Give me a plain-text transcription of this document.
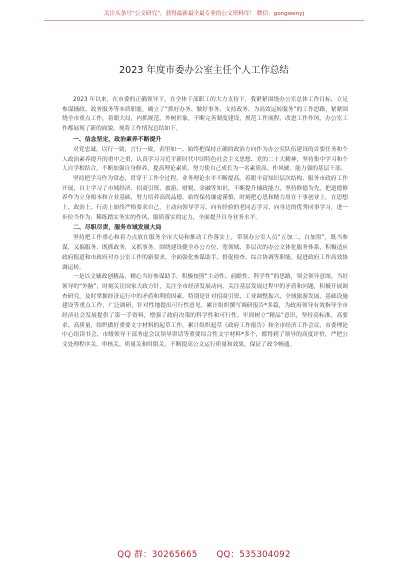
关注头条号“公文研究”，获得最新最全最专业的公文资料库！ 微信：gongwenyj
2023 年度市委办公室主任个人工作总结

2023 年以来，在市委的正确领导下，在全体干部职工的大力支持下，我紧紧围绕办公室总体工作目标，立足参谋辅政、政务服务等本质职能，确立了“抓好办务、做好事务、支持政务、为高效运转服务”的工作思路，紧紧围绕全市重点工作，着眼大局，内抓规范，外树形象，不断完善制度建设，规范工作流程，改进工作作风，办公室工作都展现了新的面貌。现将工作情况总结如下。

一、信念坚定，政治素养不断提升

对党忠诚，以行一致，言行一致，表里如一。始终把保持正确的政治方向作为办公室队伍建设的首要任务和个人政治素养提升的重中之重，认真学习习近平新时代中国特色社会主义思想、党的二十大精神，坚持集中学习和个人自学相结合，不断加强自身修养，提高理论素质，努力使自己成长为一名素质高、作风硬、能力强的基层干部。

坚持把学习作为常态，贯穿于工作全过程，业务理论水平不断提高。着眼丰富知识层次结构、服务市政府工作开展，自主学习了市域经济、招商引资、旅游、财税、金融等知识，不断提升辅政能力，坚持修德为先，把道德修养作为立身根本和立业基础，努力培养高尚品德，始终保持谦虚谨慎，时刻把心思和精力用在干事创业上。在思想上、政治上、行动上始终严格要求自己，主动向领导学习、向有经验的老同志学习、向身边的优秀同事学习，进一步拉当作为，稀练踏实务实的作风，服质落实的定力，全面提升自身业务水平。

二、尽职尽责，服务市域发展大局

坚持把工作重心和着力点放在服务全市大局和推动工作落实上，带领办公室人员“五加二、白加黑”，既当参谋，又搞服务，既抓政务，又抓事务。围绕建设健全办公方位、宽领域、多层次的办公文体化服务体系，积极适应政府报道和市政府对办公室工作的新要求，全面强化参谋助手、督促检查、综合协调等职能，促进政府工作高效协调运转。

一是以文辅政创精品，精心当好参谋助手。积极按照“主动性、前瞻性、科学性”的思路，领会领导意图，当好领导的“外脑”，时刻关注国家大政方针，关注全市经济发展动向、关注基层发展过程中的矛盾和问题，积极开展调查研究，及时掌握经济运行中的矛盾和利的因素，特别是针对招商引资、工业调整振兴、全域旅游发展、基础设施建设等重点工作，广泛调研，针对性地提出可行性意见。累计组织撰写调研报告*多篇，为政府领导有效指导全市经济社会发展提供了第一手资料，增强了政府决策的科学性和可行性。牢固树立“精品”意识，坚持高标准、高要求、高质量，组织做好重要文字材料的起草工作。累计组织起草《政府工作报告》和全市经济工作会议、市委理论中心组读书会、市级领导干部务虚会议领导讲话等重要综合性文字材料*多个，都得到了领导的高度评价，严把公文处理程序关、审核关、质量关和时限关，不断提高公文运行质量和效果，保证了政令畅通。

QQ 群：30265665 QQ：535304092
